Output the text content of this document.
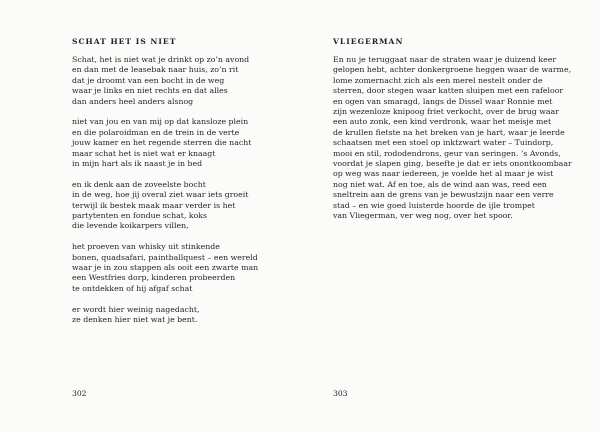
SCHAT HET IS NIET
Schat, het is niet wat je drinkt op zo’n avond
en dan met de leasebak naar huis, zo’n rit
dat je droomt van een bocht in de weg
waar je links en niet rechts en dat alles
dan anders heel anders alsnog
niet van jou en van mij op dat kansloze plein
en die polaroidman en de trein in de verte
jouw kamer en het regende sterren die nacht
maar schat het is niet wat er knaagt
in mijn hart als ik naast je in bed
en ik denk aan de zoveelste bocht
in de weg, hoe jij overal ziet waar iets groeit
terwijl ik bestek maak maar verder is het
partytenten en fondue schat, koks
die levende koikarpers villen,
het proeven van whisky uit stinkende
bonen, quadsafari, paintballquest – een wereld
waar je in zou stappen als ooit een zwarte man
een Westfries dorp, kinderen probeerden
te ontdekken of hij afgaf schat
er wordt hier weinig nagedacht,
ze denken hier niet wat je bent.
302
VLIEGERMAN
En nu je teruggaat naar de straten waar je duizend keer
gelopen hebt, achter donkergroene heggen waar de warme,
lome zomernacht zich als een merel nestelt onder de
sterren, door stegen waar katten sluipen met een rafeloor
en ogen van smaragd, langs de Dissel waar Ronnie met
zijn wezenloze knipoog friet verkocht, over de brug waar
een auto zonk, een kind verdronk, waar het meisje met
de krullen fietste na het breken van je hart, waar je leerde
schaatsen met een stoel op inktzwart water – Tuindorp,
mooi en stil, rododendrons, geur van seringen. ’s Avonds,
voordat je slapen ging, besefte je dat er iets onontkoombaar
op weg was naar iedereen, je voelde het al maar je wist
nog niet wat. Af en toe, als de wind aan was, reed een
sneltrein aan de grens van je bewustzijn naar een verre
stad – en wie goed luisterde hoorde de ijle trompet
van Vliegerman, ver weg nog, over het spoor.
303
